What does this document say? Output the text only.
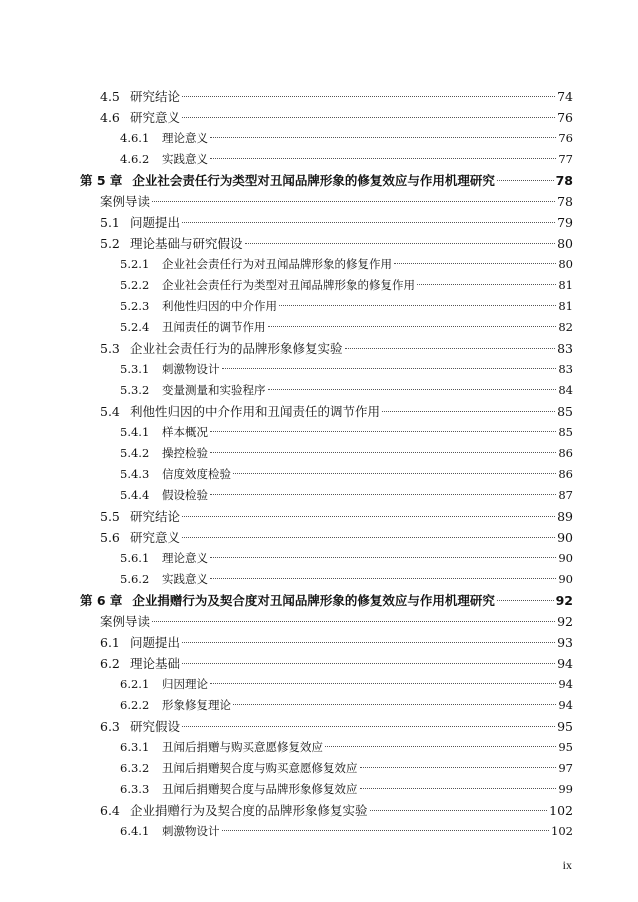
4.5 研究结论	74
4.6 研究意义	76
4.6.1	理论意义	76
4.6.2	实践意义	77
第 5 章 企业社会责任行为类型对丑闻品牌形象的修复效应与作用机理研究	78
案例导读	78
5.1 问题提出	79
5.2 理论基础与研究假设	80
5.2.1	企业社会责任行为对丑闻品牌形象的修复作用	80
5.2.2	企业社会责任行为类型对丑闻品牌形象的修复作用	81
5.2.3	利他性归因的中介作用	81
5.2.4	丑闻责任的调节作用	82
5.3 企业社会责任行为的品牌形象修复实验	83
5.3.1	刺激物设计	83
5.3.2	变量测量和实验程序	84
5.4 利他性归因的中介作用和丑闻责任的调节作用	85
5.4.1	样本概况	85
5.4.2	操控检验	86
5.4.3	信度效度检验	86
5.4.4	假设检验	87
5.5 研究结论	89
5.6 研究意义	90
5.6.1	理论意义	90
5.6.2	实践意义	90
第 6 章 企业捐赠行为及契合度对丑闻品牌形象的修复效应与作用机理研究	92
案例导读	92
6.1 问题提出	93
6.2 理论基础	94
6.2.1	归因理论	94
6.2.2	形象修复理论	94
6.3 研究假设	95
6.3.1	丑闻后捐赠与购买意愿修复效应	95
6.3.2	丑闻后捐赠契合度与购买意愿修复效应	97
6.3.3	丑闻后捐赠契合度与品牌形象修复效应	99
6.4 企业捐赠行为及契合度的品牌形象修复实验	102
6.4.1	刺激物设计	102
ix
